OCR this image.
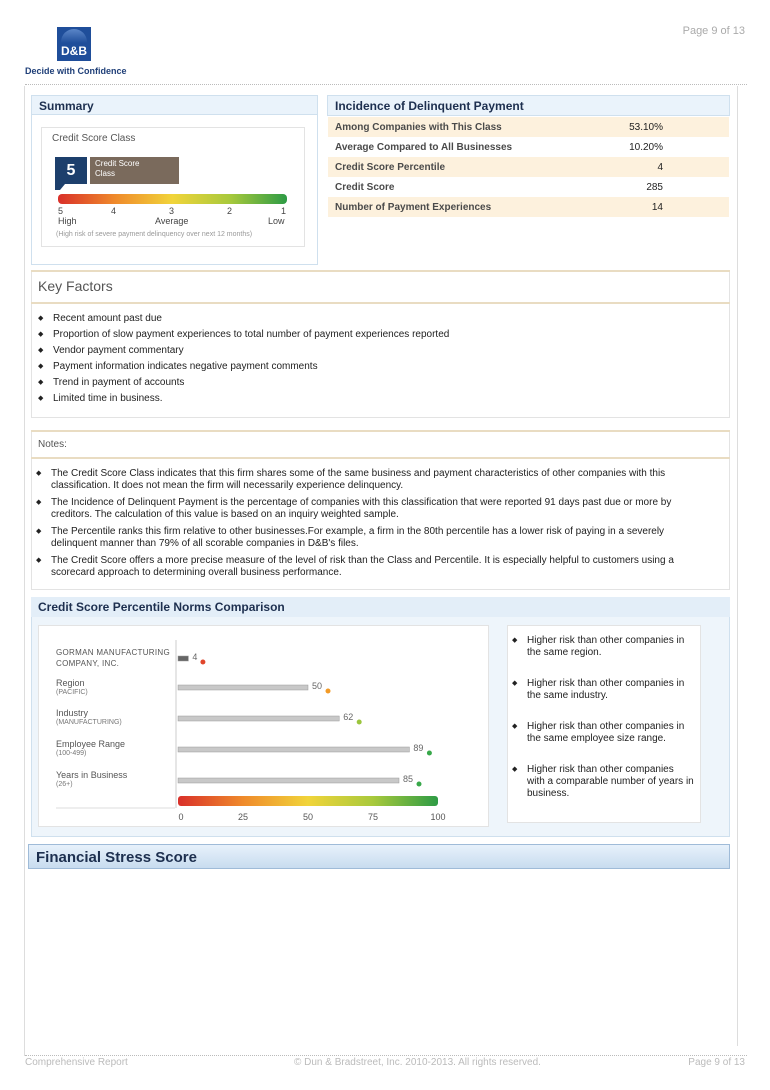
D&B
Decide with Confidence
Page 9 of 13
Summary
Credit Score Class
5	Credit Score
Class
5	4	3	2	1
High	Average	Low
(High risk of severe payment delinquency over next 12 months)
Incidence of Delinquent Payment
Among Companies with This Class	53.10%	
Average Compared to All Businesses	10.20%	
Credit Score Percentile	4	
Credit Score	285	
Number of Payment Experiences	14	
Key Factors
◆ Recent amount past due
◆ Proportion of slow payment experiences to total number of payment experiences reported
◆ Vendor payment commentary
◆ Payment information indicates negative payment comments
◆ Trend in payment of accounts
◆ Limited time in business.
Notes:
◆ The Credit Score Class indicates that this firm shares some of the same business and payment characteristics of other companies with this classification. It does not mean the firm will necessarily experience delinquency.
◆ The Incidence of Delinquent Payment is the percentage of companies with this classification that were reported 91 days past due or more by creditors. The calculation of this value is based on an inquiry weighted sample.
◆ The Percentile ranks this firm relative to other businesses.For example, a firm in the 80th percentile has a lower risk of paying in a severely delinquent manner than 79% of all scorable companies in D&B's files.
◆ The Credit Score offers a more precise measure of the level of risk than the Class and Percentile. It is especially helpful to customers using a scorecard approach to determining overall business performance.
Credit Score Percentile Norms Comparison
GORMAN MANUFACTURING COMPANY, INC.
Region
(PACIFIC)
Industry
(MANUFACTURING)
Employee Range
(100-499)
Years in Business
(26+)
4
50
62
89
85
0	25	50	75	100
◆ Higher risk than other companies in the same region.
◆ Higher risk than other companies in the same industry.
◆ Higher risk than other companies in the same employee size range.
◆ Higher risk than other companies with a comparable number of years in business.
Financial Stress Score
Comprehensive Report	© Dun & Bradstreet, Inc. 2010-2013. All rights reserved.	Page 9 of 13
